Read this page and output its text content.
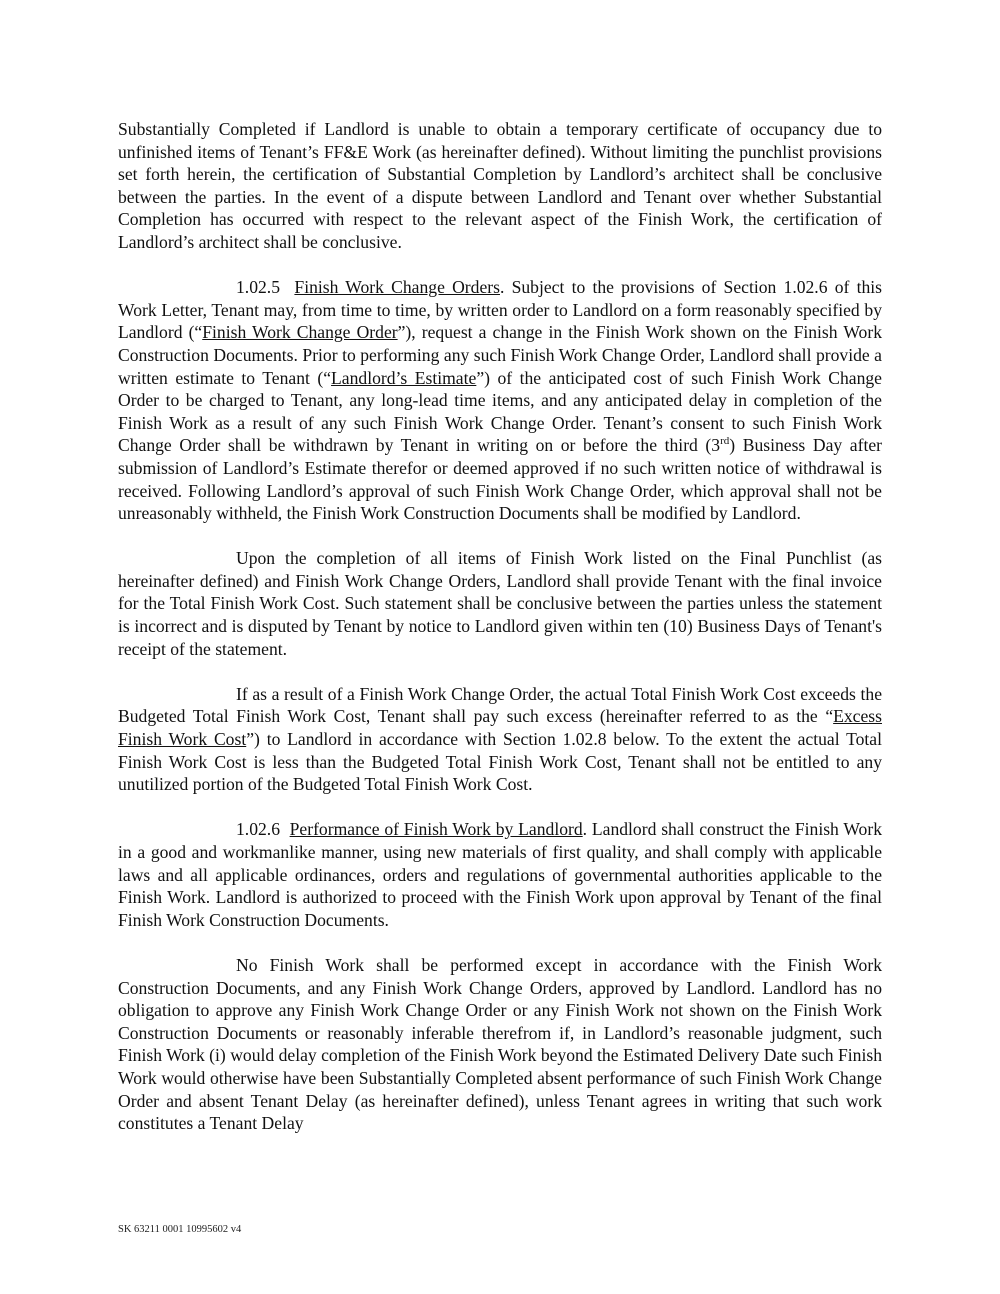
Substantially Completed if Landlord is unable to obtain a temporary certificate of occupancy due to unfinished items of Tenant’s FF&E Work (as hereinafter defined). Without limiting the punchlist provisions set forth herein, the certification of Substantial Completion by Landlord’s architect shall be conclusive between the parties. In the event of a dispute between Landlord and Tenant over whether Substantial Completion has occurred with respect to the relevant aspect of the Finish Work, the certification of Landlord’s architect shall be conclusive.

1.02.5 Finish Work Change Orders. Subject to the provisions of Section 1.02.6 of this Work Letter, Tenant may, from time to time, by written order to Landlord on a form reasonably specified by Landlord (“Finish Work Change Order”), request a change in the Finish Work shown on the Finish Work Construction Documents. Prior to performing any such Finish Work Change Order, Landlord shall provide a written estimate to Tenant (“Landlord’s Estimate”) of the anticipated cost of such Finish Work Change Order to be charged to Tenant, any long-lead time items, and any anticipated delay in completion of the Finish Work as a result of any such Finish Work Change Order. Tenant’s consent to such Finish Work Change Order shall be withdrawn by Tenant in writing on or before the third (3rd) Business Day after submission of Landlord’s Estimate therefor or deemed approved if no such written notice of withdrawal is received. Following Landlord’s approval of such Finish Work Change Order, which approval shall not be unreasonably withheld, the Finish Work Construction Documents shall be modified by Landlord.

Upon the completion of all items of Finish Work listed on the Final Punchlist (as hereinafter defined) and Finish Work Change Orders, Landlord shall provide Tenant with the final invoice for the Total Finish Work Cost. Such statement shall be conclusive between the parties unless the statement is incorrect and is disputed by Tenant by notice to Landlord given within ten (10) Business Days of Tenant's receipt of the statement.

If as a result of a Finish Work Change Order, the actual Total Finish Work Cost exceeds the Budgeted Total Finish Work Cost, Tenant shall pay such excess (hereinafter referred to as the “Excess Finish Work Cost”) to Landlord in accordance with Section 1.02.8 below. To the extent the actual Total Finish Work Cost is less than the Budgeted Total Finish Work Cost, Tenant shall not be entitled to any unutilized portion of the Budgeted Total Finish Work Cost.

1.02.6 Performance of Finish Work by Landlord. Landlord shall construct the Finish Work in a good and workmanlike manner, using new materials of first quality, and shall comply with applicable laws and all applicable ordinances, orders and regulations of governmental authorities applicable to the Finish Work. Landlord is authorized to proceed with the Finish Work upon approval by Tenant of the final Finish Work Construction Documents.

No Finish Work shall be performed except in accordance with the Finish Work Construction Documents, and any Finish Work Change Orders, approved by Landlord. Landlord has no obligation to approve any Finish Work Change Order or any Finish Work not shown on the Finish Work Construction Documents or reasonably inferable therefrom if, in Landlord’s reasonable judgment, such Finish Work (i) would delay completion of the Finish Work beyond the Estimated Delivery Date such Finish Work would otherwise have been Substantially Completed absent performance of such Finish Work Change Order and absent Tenant Delay (as hereinafter defined), unless Tenant agrees in writing that such work constitutes a Tenant Delay

SK 63211 0001 10995602 v4
